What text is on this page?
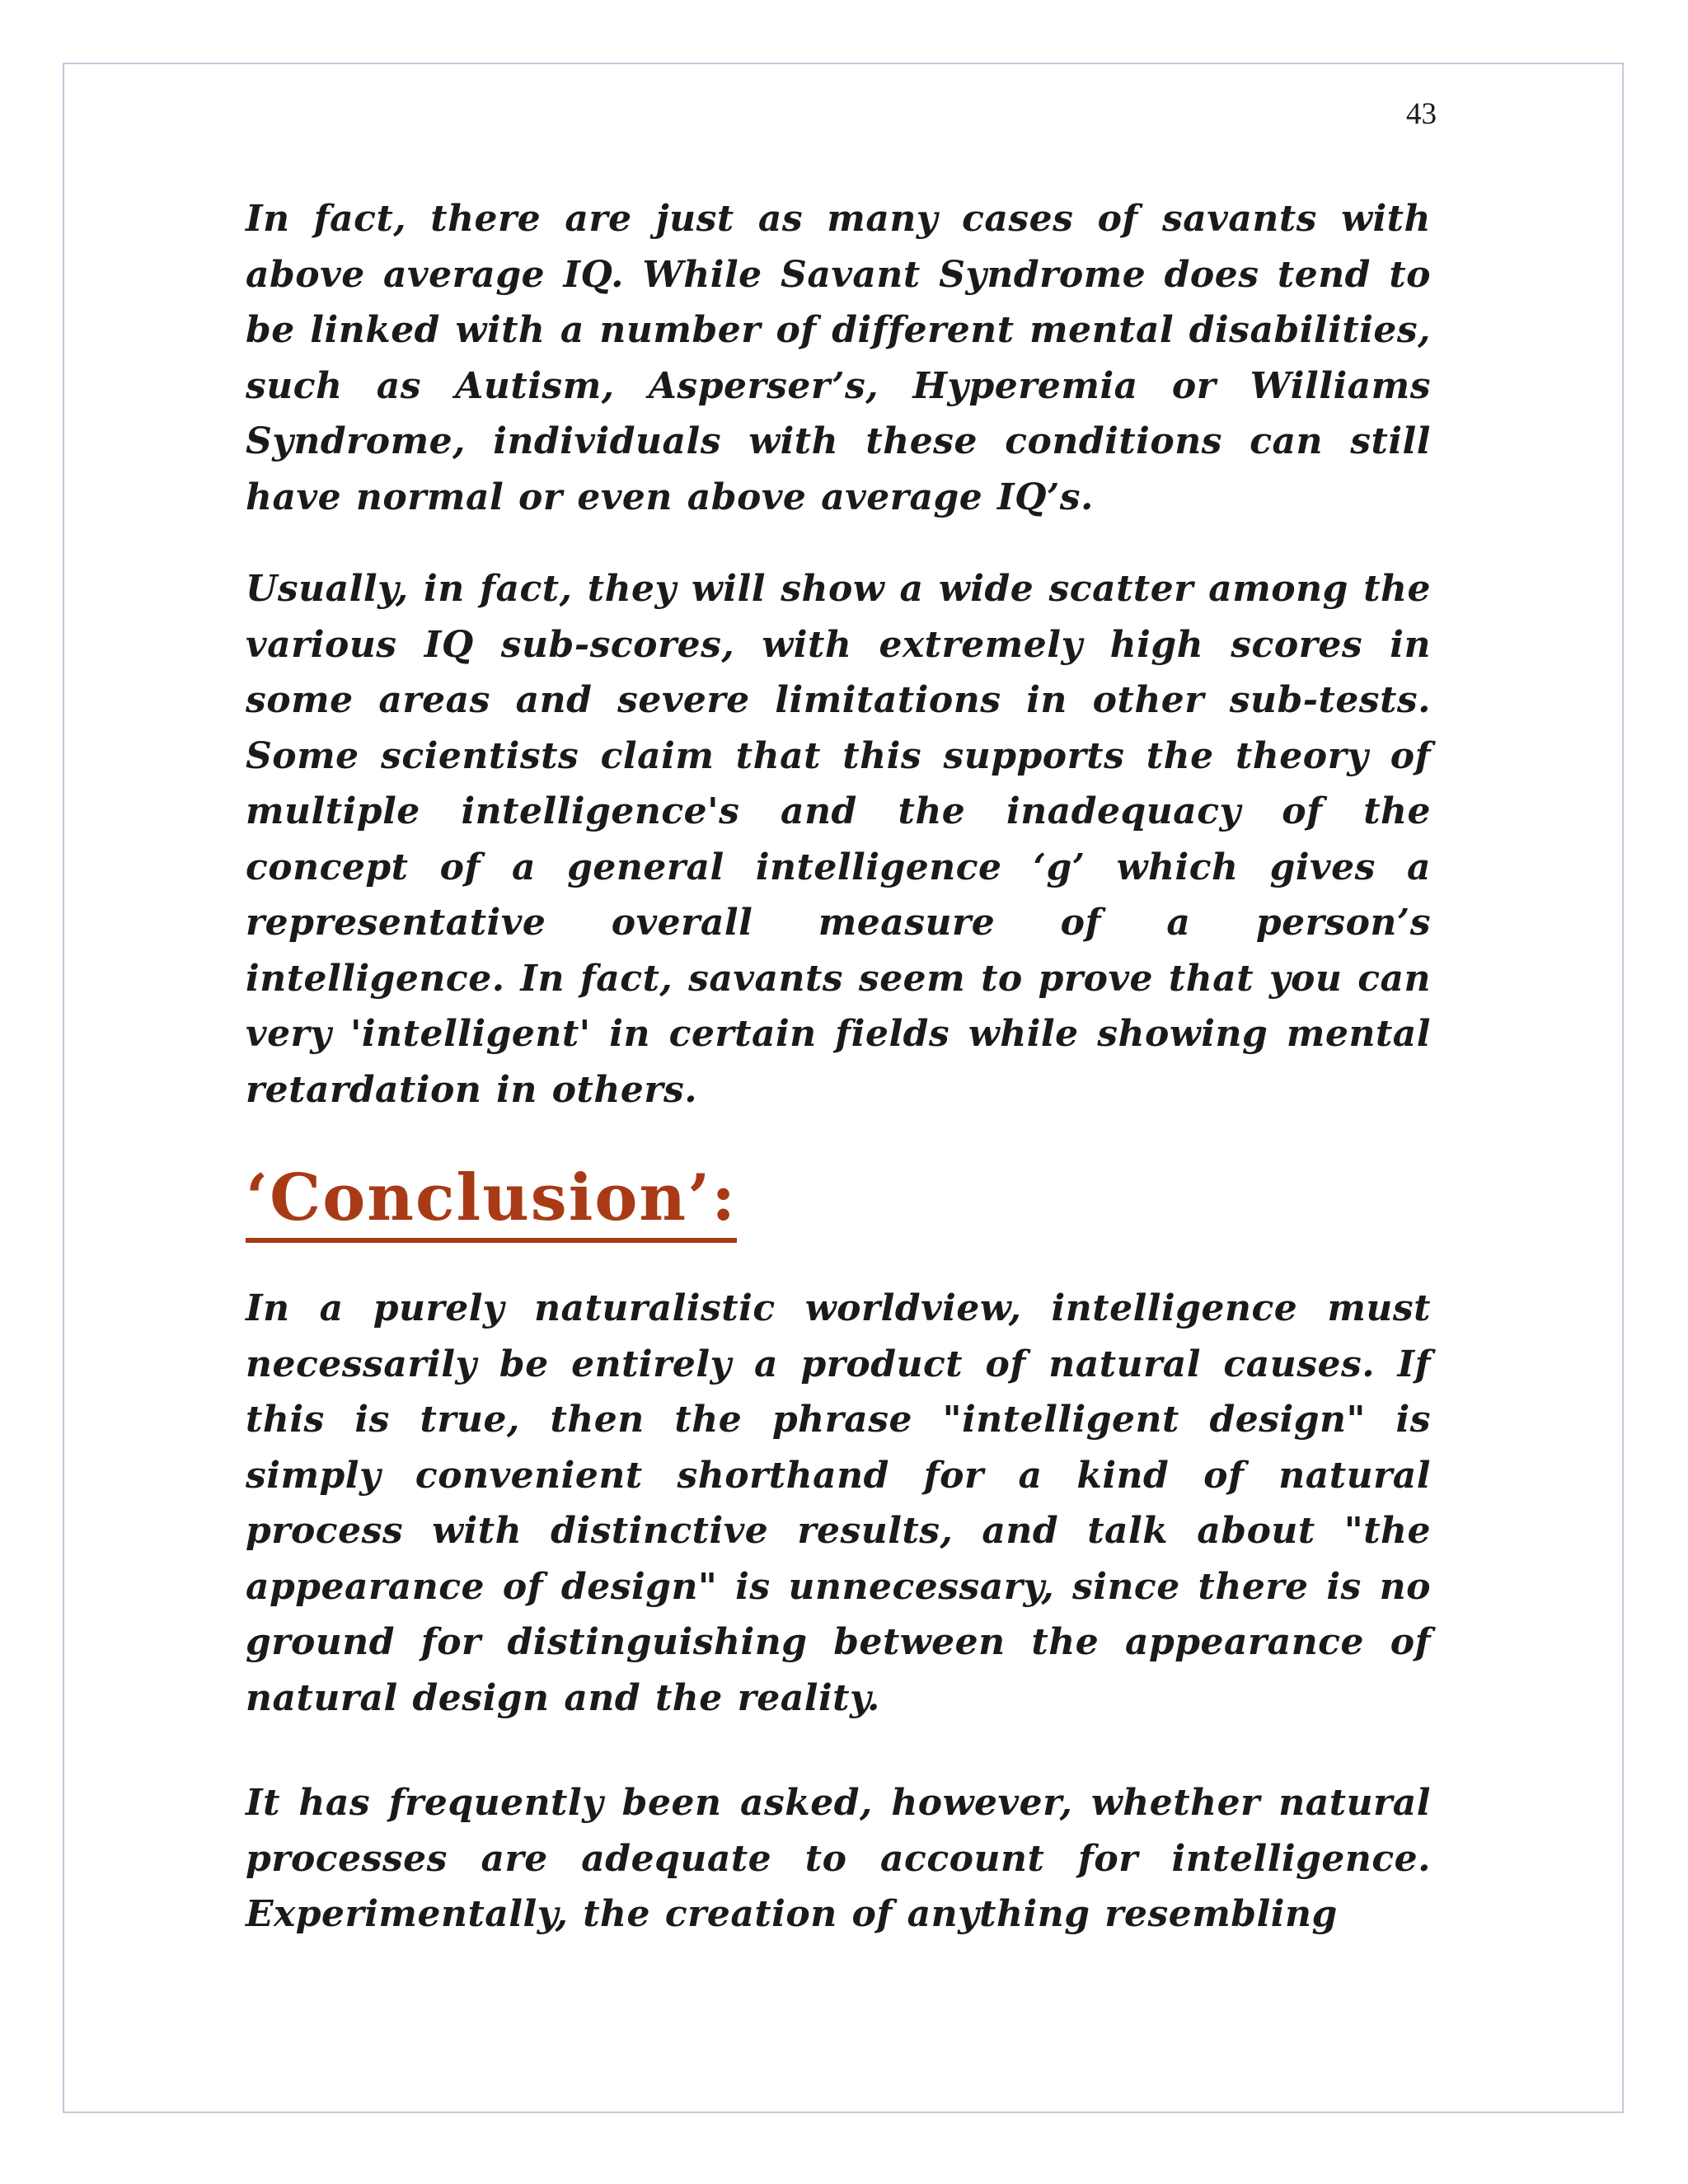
43

In fact, there are just as many cases of savants with above average IQ. While Savant Syndrome does tend to be linked with a number of different mental disabilities, such as Autism, Asperser’s, Hyperemia or Williams Syndrome, individuals with these conditions can still have normal or even above average IQ’s.

Usually, in fact, they will show a wide scatter among the various IQ sub-scores, with extremely high scores in some areas and severe limitations in other sub-tests. Some scientists claim that this supports the theory of multiple intelligence's and the inadequacy of the concept of a general intelligence ‘g’ which gives a representative overall measure of a person’s intelligence. In fact, savants seem to prove that you can very 'intelligent' in certain fields while showing mental retardation in others.

‘Conclusion’:

In a purely naturalistic worldview, intelligence must necessarily be entirely a product of natural causes. If this is true, then the phrase "intelligent design" is simply convenient shorthand for a kind of natural process with distinctive results, and talk about "the appearance of design" is unnecessary, since there is no ground for distinguishing between the appearance of natural design and the reality.

It has frequently been asked, however, whether natural processes are adequate to account for intelligence. Experimentally, the creation of anything resembling
